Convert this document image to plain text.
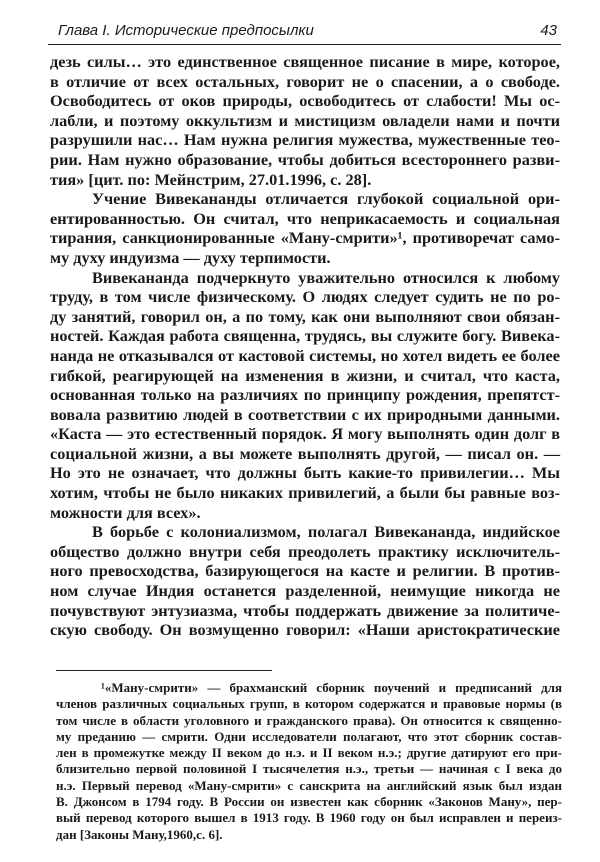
Глава I. Исторические предпосылки	43
дезь силы… это единственное священное писание в мире, которое,
в отличие от всех остальных, говорит не о спасении, а о свободе.
Освободитесь от оков природы, освободитесь от слабости! Мы ос-
лабли, и поэтому оккультизм и мистицизм овладели нами и почти
разрушили нас… Нам нужна религия мужества, мужественные тео-
рии. Нам нужно образование, чтобы добиться всестороннего разви-
тия» [цит. по: Мейнстрим, 27.01.1996, с. 28].
Учение Вивекананды отличается глубокой социальной ори-
ентированностью. Он считал, что неприкасаемость и социальная
тирания, санкционированные «Ману-смрити»¹, противоречат само-
му духу индуизма — духу терпимости.
Вивекананда подчеркнуто уважительно относился к любому
труду, в том числе физическому. О людях следует судить не по ро-
ду занятий, говорил он, а по тому, как они выполняют свои обязан-
ностей. Каждая работа священна, трудясь, вы служите богу. Вивека-
нанда не отказывался от кастовой системы, но хотел видеть ее более
гибкой, реагирующей на изменения в жизни, и считал, что каста,
основанная только на различиях по принципу рождения, препятст-
вовала развитию людей в соответствии с их природными данными.
«Каста — это естественный порядок. Я могу выполнять один долг в
социальной жизни, а вы можете выполнять другой, — писал он. —
Но это не означает, что должны быть какие-то привилегии… Мы
хотим, чтобы не было никаких привилегий, а были бы равные воз-
можности для всех».
В борьбе с колониализмом, полагал Вивекананда, индийское
общество должно внутри себя преодолеть практику исключитель-
ного превосходства, базирующегося на касте и религии. В против-
ном случае Индия останется разделенной, неимущие никогда не
почувствуют энтузиазма, чтобы поддержать движение за политиче-
скую свободу. Он возмущенно говорил: «Наши аристократические
¹«Ману-смрити» — брахманский сборник поучений и предписаний для
членов различных социальных групп, в котором содержатся и правовые нормы (в
том числе в области уголовного и гражданского права). Он относится к священно-
му преданию — смрити. Одни исследователи полагают, что этот сборник состав-
лен в промежутке между II веком до н.э. и II веком н.э.; другие датируют его при-
близительно первой половиной I тысячелетия н.э., третьи — начиная с I века до
н.э. Первый перевод «Ману-смрити» с санскрита на английский язык был издан
В. Джонсом в 1794 году. В России он известен как сборник «Законов Ману», пер-
вый перевод которого вышел в 1913 году. В 1960 году он был исправлен и переиз-
дан [Законы Ману,1960,с. 6].
